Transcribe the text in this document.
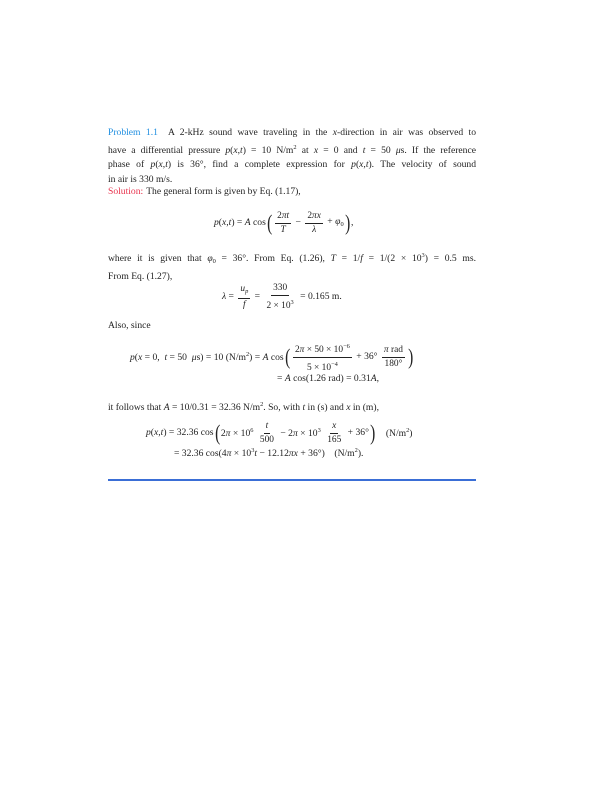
Problem 1.1 A 2-kHz sound wave traveling in the x-direction in air was observed to
have a differential pressure p(x,t) = 10 $N/m^2$ at x = 0 and t = 50 μs. If the reference
phase of p(x,t) is 36°, find a complete expression for p(x,t). The velocity of sound
in air is 330 m/s.
Solution: The general form is given by Eq. (1.17),
p(x,t) = A cos ( $\frac{2\pi t}{T} - \frac{2\pi x}{\lambda} + \varphi_0$ ) ,
where it is given that $\varphi_0 = 36^\circ$. From Eq. (1.26), $T = 1/f = 1/(2 \times 10^3) = 0.5$ ms.
From Eq. (1.27),
$\lambda = \frac{u_p}{f} = \frac{330}{2 \times 10^3} = 0.165$ m.
Also, since
p(x = 0,  t = 50  μs) = 10 $(N/m^2) = A$ cos ( $\frac{2\pi \times 50 \times 10^{-6}}{5 \times 10^{-4}} + 36^\circ \frac{\text{π rad}}{180^\circ}$ )
= A cos(1.26 rad) = 0.31A,
it follows that A = 10/0.31 = 32.36 $N/m^2$. So, with t in (s) and x in (m),
p(x,t) = 32.36 cos ( $2\pi \times 10^6 \frac{t}{500} - 2\pi \times 10^3 \frac{x}{165} + 36^\circ$ ) $(N/m^2)$
= 32.36 $\cos(4\pi \times 10^3t - 12.12\pi x + 36^\circ)$    $(N/m^2)$.
